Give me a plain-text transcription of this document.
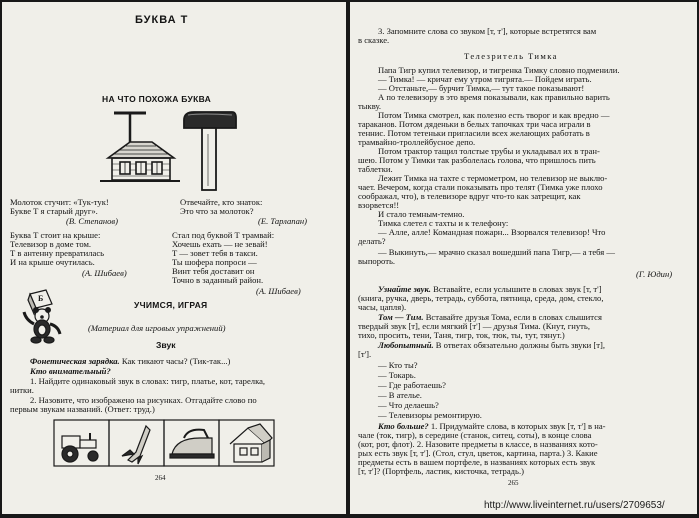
БУКВА Т
НА ЧТО ПОХОЖА БУКВА
Молоток стучит: «Тук-тук!
Букве Т я старый друг».
(В. Степанов)
Отвечайте, кто знаток:
Это что за молоток?
(Е. Тарлапан)
Буква Т стоит на крыше:
Телевизор в доме том.
Т в антенну превратилась
И на крыше очутилась.
(А. Шибаев)
Стал под буквой Т трамвай:
Хочешь ехать — не зевай!
Т — зовет тебя в такси.
Ты шофера попроси —
Винт тебя доставит он
Точно в заданный район.
(А. Шибаев)
Б
УЧИМСЯ, ИГРАЯ
(Материал для игровых упражнений)
Звук
Фонетическая зарядка. Как тикают часы? (Тик-так...)
Кто внимательный?
1. Найдите одинаковый звук в словах: тигр, платье, кот, тарелка,
нитки.
2. Назовите, что изображено на рисунках. Отгадайте слово по
первым звукам названий. (Ответ: труд.)
264
3. Запомните слова со звуком [т, т'], которые встретятся вам
в сказке.
Телезритель Тимка
Папа Тигр купил телевизор, и тигренка Тимку словно подменили.
— Тимка! — кричат ему утром тигрята.— Пойдем играть.
— Отстаньте,— бурчит Тимка,— тут такое показывают!
А по телевизору в это время показывали, как правильно варить
тыкву.
Потом Тимка смотрел, как полезно есть творог и как вредно —
тараканов. Потом дяденьки в белых тапочках три часа играли в
теннис. Потом тетеньки пригласили всех желающих работать в
трамвайно-троллейбусное депо.
Потом трактор тащил толстые трубы и укладывал их в тран-
шею. Потом у Тимки так разболелась голова, что пришлось пить
таблетки.
Лежит Тимка на тахте с термометром, но телевизор не выклю-
чает. Вечером, когда стали показывать про телят (Тимка уже плохо
соображал, что), в телевизоре вдруг что-то как затрещит, как
взорвется!!
И стало темным-темно.
Тимка слетел с тахты и к телефону:
— Алле, алле! Командная пожарн... Взорвался телевизор! Что
делать?
— Выкинуть,— мрачно сказал вошедший папа Тигр,— а тебя —
выпороть.
(Г. Юдин)
Узнайте звук. Вставайте, если услышите в словах звук [т, т']
(книга, ручка, дверь, тетрадь, суббота, пятница, среда, дом, стекло,
часы, цапля).
Том — Тим. Вставайте друзья Тома, если в словах слышится
твердый звук [т], если мягкий [т'] — друзья Тима. (Кнут, гнуть,
тихо, просить, тени, Таня, тигр, ток, тюк, ты, тут, тянут.)
Любопытный. В ответах обязательно должны быть звуки [т],
[т'].
— Кто ты?
— Токарь.
— Где работаешь?
— В ателье.
— Что делаешь?
— Телевизоры ремонтирую.
Кто больше? 1. Придумайте слова, в которых звук [т, т'] в на-
чале (ток, тигр), в середине (станок, ситец, соты), в конце слова
(кот, рот, флот). 2. Назовите предметы в классе, в названиях кото-
рых есть звук [т, т']. (Стол, стул, цветок, картина, парта.) 3. Какие
предметы есть в вашем портфеле, в названиях которых есть звук
[т, т']? (Портфель, ластик, кисточка, тетрадь.)
265
http://www.liveinternet.ru/users/2709653/
